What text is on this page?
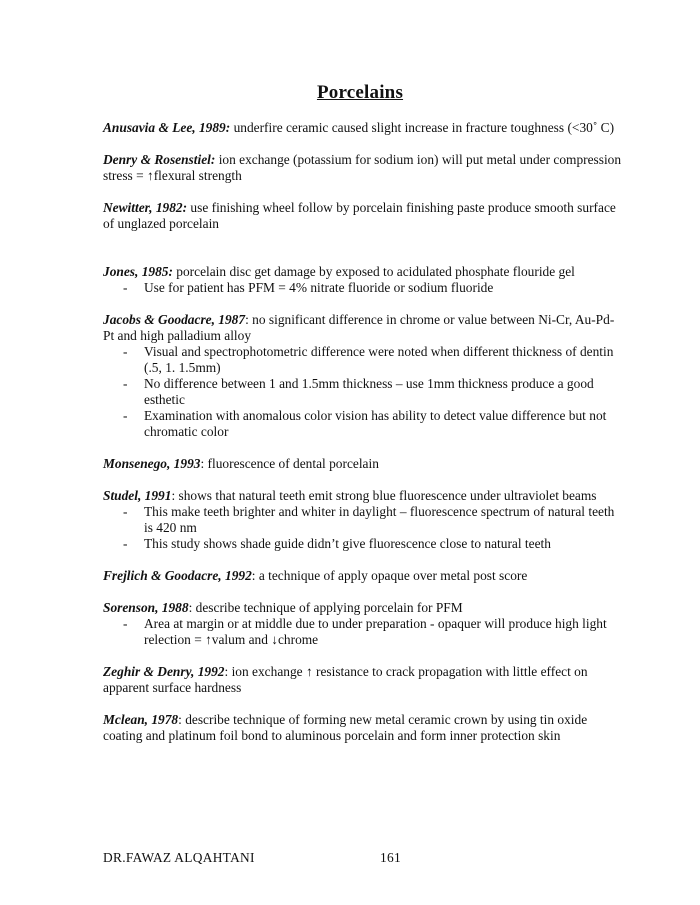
Porcelains

Anusavia & Lee, 1989: underfire ceramic caused slight increase in fracture toughness (<30˚ C)

Denry & Rosenstiel: ion exchange (potassium for sodium ion) will put metal under compression stress = ↑flexural strength

Newitter, 1982: use finishing wheel follow by porcelain finishing paste produce smooth surface of unglazed porcelain

Jones, 1985: porcelain disc get damage by exposed to acidulated phosphate flouride gel

- Use for patient has PFM = 4% nitrate fluoride or sodium fluoride

Jacobs & Goodacre, 1987: no significant difference in chrome or value between Ni-Cr, Au-Pd-Pt and high palladium alloy

- Visual and spectrophotometric difference were noted when different thickness of dentin (.5, 1. 1.5mm)
- No difference between 1 and 1.5mm thickness – use 1mm thickness produce a good esthetic
- Examination with anomalous color vision has ability to detect value difference but not chromatic color

Monsenego, 1993: fluorescence of dental porcelain

Studel, 1991: shows that natural teeth emit strong blue fluorescence under ultraviolet beams

- This make teeth brighter and whiter in daylight – fluorescence spectrum of natural teeth is 420 nm
- This study shows shade guide didn’t give fluorescence close to natural teeth

Frejlich & Goodacre, 1992: a technique of apply opaque over metal post score

Sorenson, 1988: describe technique of applying porcelain for PFM

- Area at margin or at middle due to under preparation - opaquer will produce high light relection = ↑valum and ↓chrome

Zeghir & Denry, 1992: ion exchange ↑ resistance to crack propagation with little effect on apparent surface hardness

Mclean, 1978: describe technique of forming new metal ceramic crown by using tin oxide coating and platinum foil bond to aluminous porcelain and form inner protection skin

DR.FAWAZ ALQAHTANI	161
